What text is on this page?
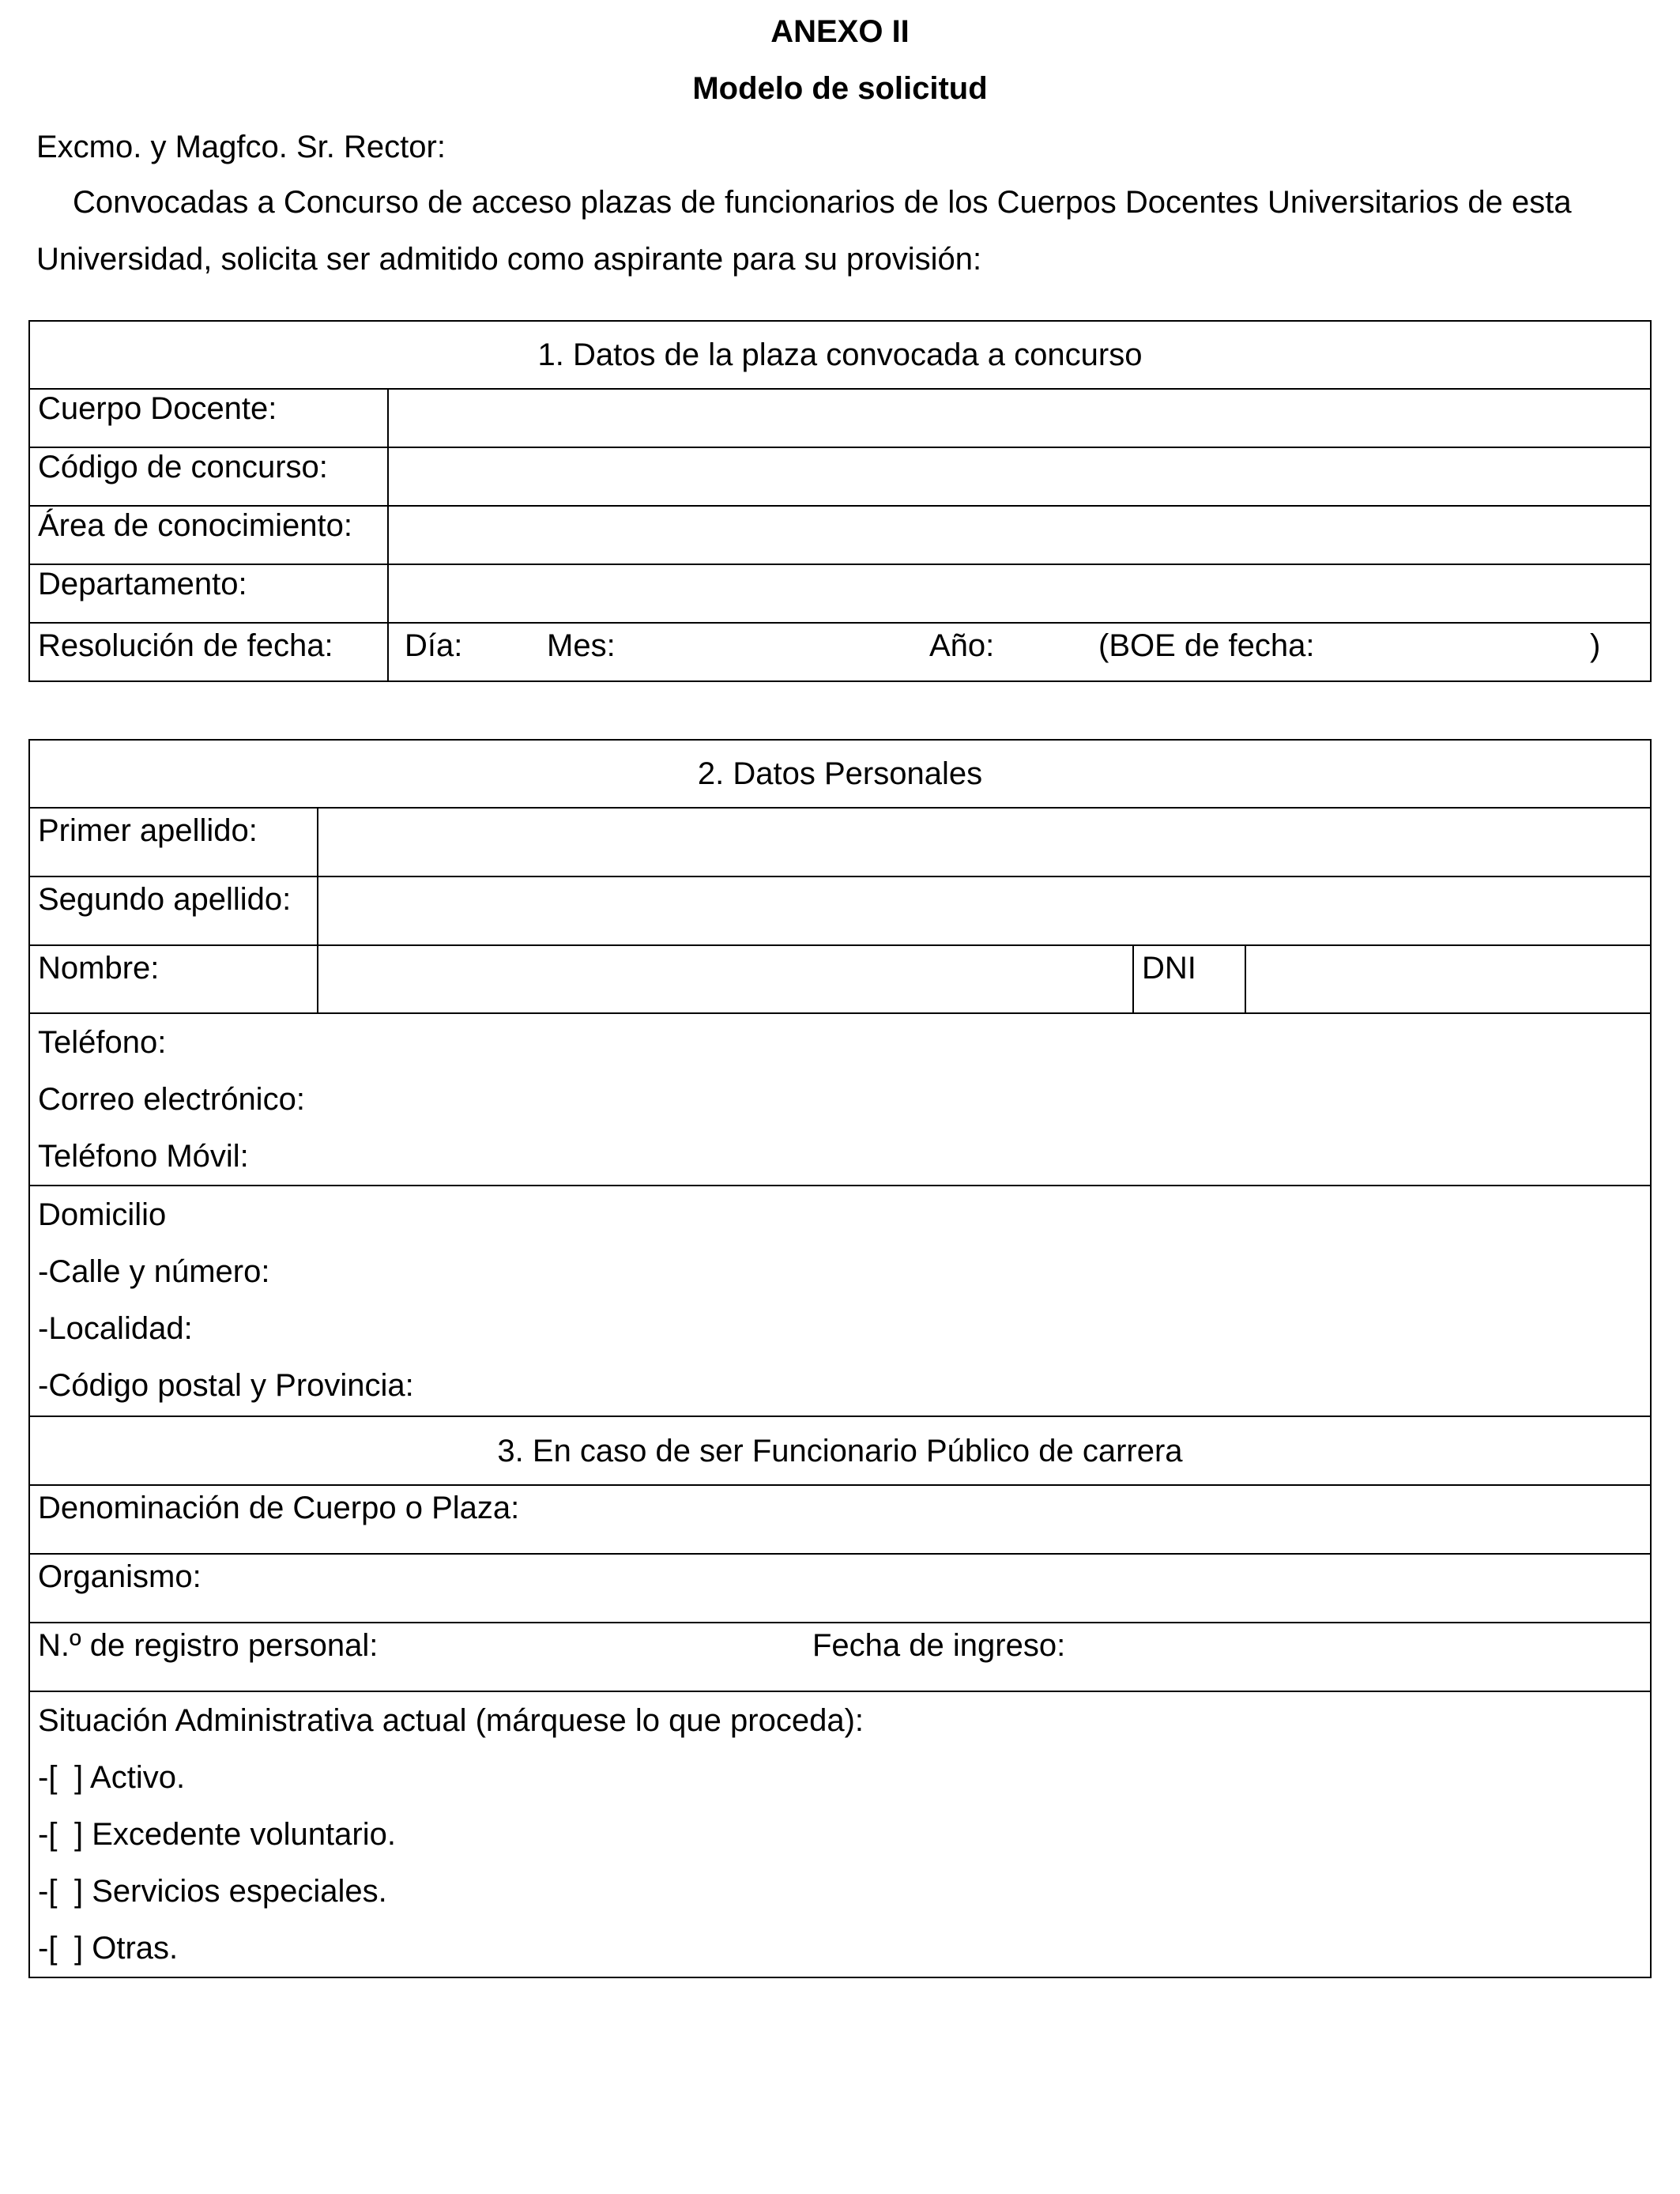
ANEXO II
Modelo de solicitud
Excmo. y Magfco. Sr. Rector:
Convocadas a Concurso de acceso plazas de funcionarios de los Cuerpos Docentes Universitarios de esta
Universidad, solicita ser admitido como aspirante para su provisión:
1. Datos de la plaza convocada a concurso	
Cuerpo Docente:	
Código de concurso:	
Área de conocimiento:	
Departamento:	
Resolución de fecha:	Día: Mes: Año: (BOE de fecha: )
2. Datos Personales			
Primer apellido:			
Segundo apellido:			
Nombre:		DNI	

Teléfono:
Correo electrónico:
Teléfono Móvil:			

Domicilio
-Calle y número:
-Localidad:
-Código postal y Provincia:			

3. En caso de ser Funcionario Público de carrera			
Denominación de Cuerpo o Plaza:			
Organismo:			
N.º de registro personal: Fecha de ingreso:			

Situación Administrativa actual (márquese lo que proceda):
-[ ] Activo.
-[ ] Excedente voluntario.
-[ ] Servicios especiales.
-[ ] Otras.			
